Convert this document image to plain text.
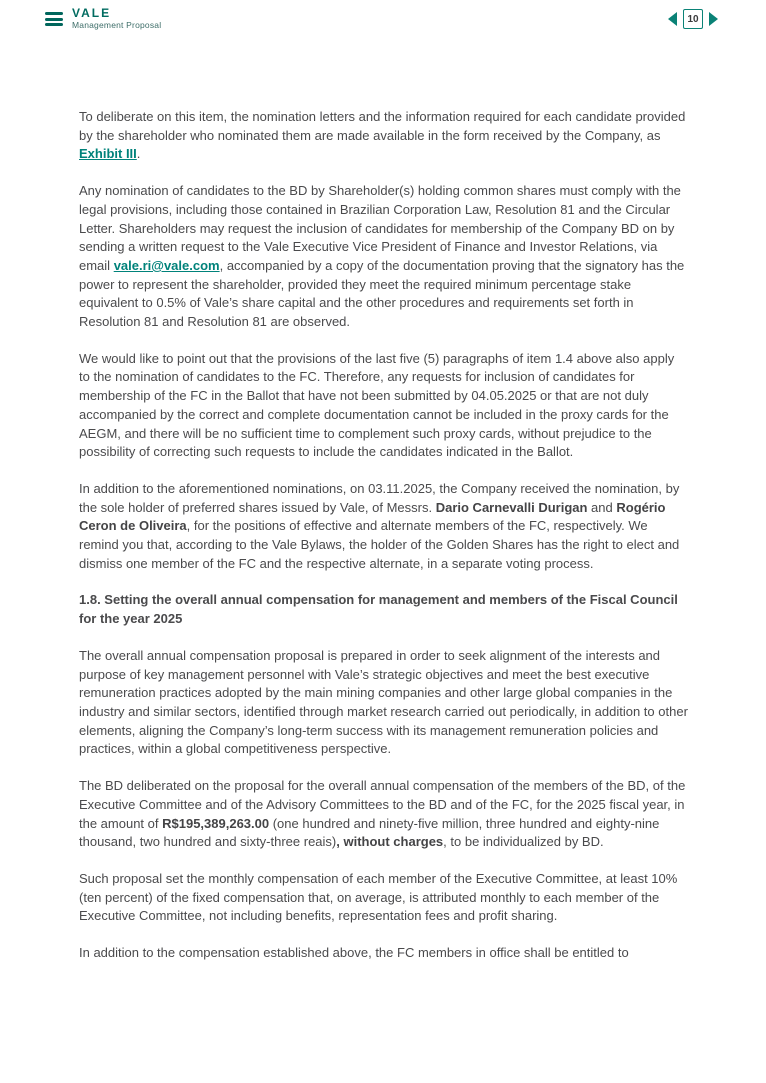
VALE
Management Proposal
10

To deliberate on this item, the nomination letters and the information required for each candidate provided by the shareholder who nominated them are made available in the form received by the Company, as Exhibit III.

Any nomination of candidates to the BD by Shareholder(s) holding common shares must comply with the legal provisions, including those contained in Brazilian Corporation Law, Resolution 81 and the Circular Letter. Shareholders may request the inclusion of candidates for membership of the Company BD on by sending a written request to the Vale Executive Vice President of Finance and Investor Relations, via email vale.ri@vale.com, accompanied by a copy of the documentation proving that the signatory has the power to represent the shareholder, provided they meet the required minimum percentage stake equivalent to 0.5% of Vale’s share capital and the other procedures and requirements set forth in Resolution 81 and Resolution 81 are observed.

We would like to point out that the provisions of the last five (5) paragraphs of item 1.4 above also apply to the nomination of candidates to the FC. Therefore, any requests for inclusion of candidates for membership of the FC in the Ballot that have not been submitted by 04.05.2025 or that are not duly accompanied by the correct and complete documentation cannot be included in the proxy cards for the AEGM, and there will be no sufficient time to complement such proxy cards, without prejudice to the possibility of correcting such requests to include the candidates indicated in the Ballot.

In addition to the aforementioned nominations, on 03.11.2025, the Company received the nomination, by the sole holder of preferred shares issued by Vale, of Messrs. Dario Carnevalli Durigan and Rogério Ceron de Oliveira, for the positions of effective and alternate members of the FC, respectively. We remind you that, according to the Vale Bylaws, the holder of the Golden Shares has the right to elect and dismiss one member of the FC and the respective alternate, in a separate voting process.

1.8. Setting the overall annual compensation for management and members of the Fiscal Council for the year 2025

The overall annual compensation proposal is prepared in order to seek alignment of the interests and purpose of key management personnel with Vale’s strategic objectives and meet the best executive remuneration practices adopted by the main mining companies and other large global companies in the industry and similar sectors, identified through market research carried out periodically, in addition to other elements, aligning the Company’s long-term success with its management remuneration policies and practices, within a global competitiveness perspective.

The BD deliberated on the proposal for the overall annual compensation of the members of the BD, of the Executive Committee and of the Advisory Committees to the BD and of the FC, for the 2025 fiscal year, in the amount of R$195,389,263.00 (one hundred and ninety-five million, three hundred and eighty-nine thousand, two hundred and sixty-three reais), without charges, to be individualized by BD.

Such proposal set the monthly compensation of each member of the Executive Committee, at least 10% (ten percent) of the fixed compensation that, on average, is attributed monthly to each member of the Executive Committee, not including benefits, representation fees and profit sharing.

In addition to the compensation established above, the FC members in office shall be entitled to
